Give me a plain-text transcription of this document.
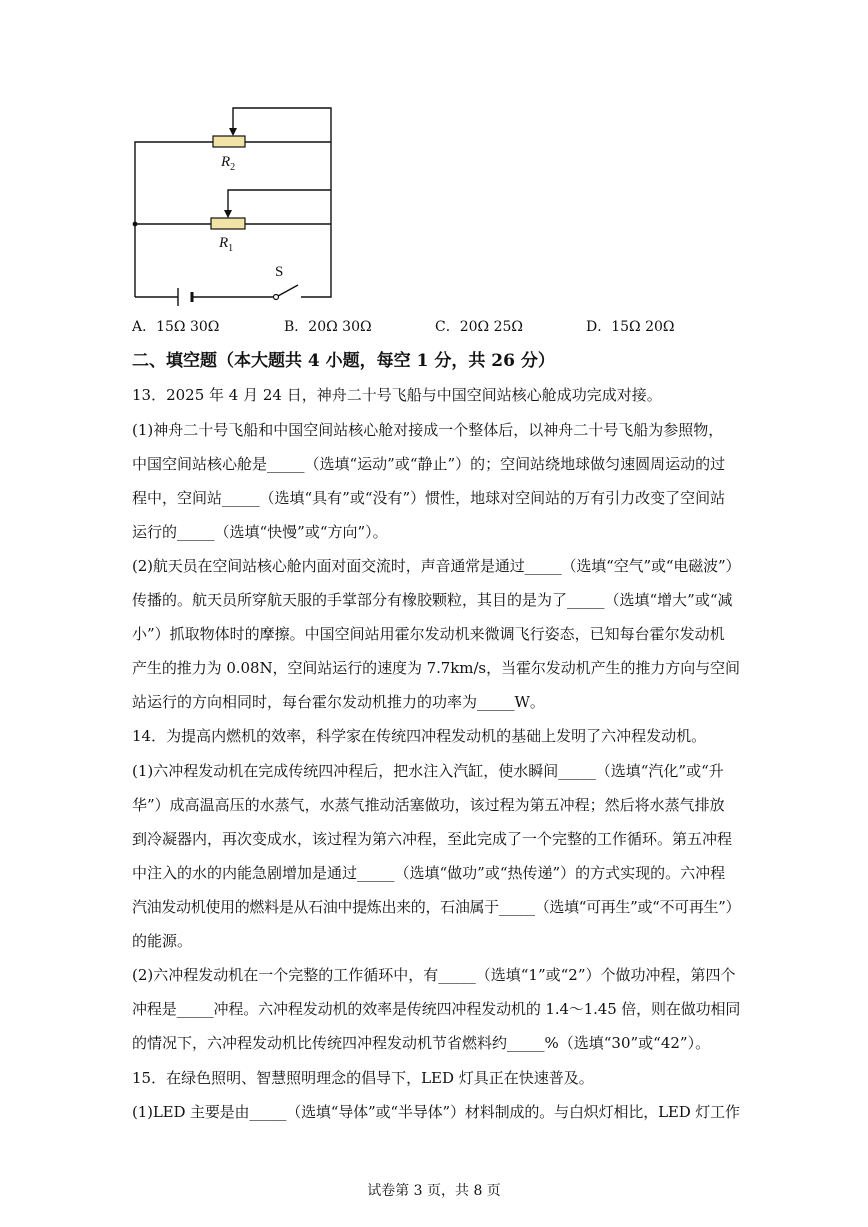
$R_2$
$R_1$
S
A．15Ω 30Ω	B．20Ω 30Ω	C．20Ω 25Ω	D．15Ω 20Ω
二、填空题（本大题共 4 小题，每空 1 分，共 26 分）
13．2025 年 4 月 24 日，神舟二十号飞船与中国空间站核心舱成功完成对接。
(1)神舟二十号飞船和中国空间站核心舱对接成一个整体后，以神舟二十号飞船为参照物，
中国空间站核心舱是_____（选填“运动”或“静止”）的；空间站绕地球做匀速圆周运动的过
程中，空间站_____（选填“具有”或“没有”）惯性，地球对空间站的万有引力改变了空间站
运行的_____（选填“快慢”或“方向”）。
(2)航天员在空间站核心舱内面对面交流时，声音通常是通过_____（选填“空气”或“电磁波”）
传播的。航天员所穿航天服的手掌部分有橡胶颗粒，其目的是为了_____（选填“增大”或“减
小”）抓取物体时的摩擦。中国空间站用霍尔发动机来微调飞行姿态，已知每台霍尔发动机
产生的推力为 0.08N，空间站运行的速度为 7.7km/s，当霍尔发动机产生的推力方向与空间
站运行的方向相同时，每台霍尔发动机推力的功率为_____W。
14．为提高内燃机的效率，科学家在传统四冲程发动机的基础上发明了六冲程发动机。
(1)六冲程发动机在完成传统四冲程后，把水注入汽缸，使水瞬间_____（选填“汽化”或“升
华”）成高温高压的水蒸气，水蒸气推动活塞做功，该过程为第五冲程；然后将水蒸气排放
到冷凝器内，再次变成水，该过程为第六冲程，至此完成了一个完整的工作循环。第五冲程
中注入的水的内能急剧增加是通过_____（选填“做功”或“热传递”）的方式实现的。六冲程
汽油发动机使用的燃料是从石油中提炼出来的，石油属于_____（选填“可再生”或“不可再生”）
的能源。
(2)六冲程发动机在一个完整的工作循环中，有_____（选填“1”或“2”）个做功冲程，第四个
冲程是_____冲程。六冲程发动机的效率是传统四冲程发动机的 1.4～1.45 倍，则在做功相同
的情况下，六冲程发动机比传统四冲程发动机节省燃料约_____%（选填“30”或“42”）。
15．在绿色照明、智慧照明理念的倡导下，LED 灯具正在快速普及。
(1)LED 主要是由_____（选填“导体”或“半导体”）材料制成的。与白炽灯相比，LED 灯工作
试卷第 3 页，共 8 页
